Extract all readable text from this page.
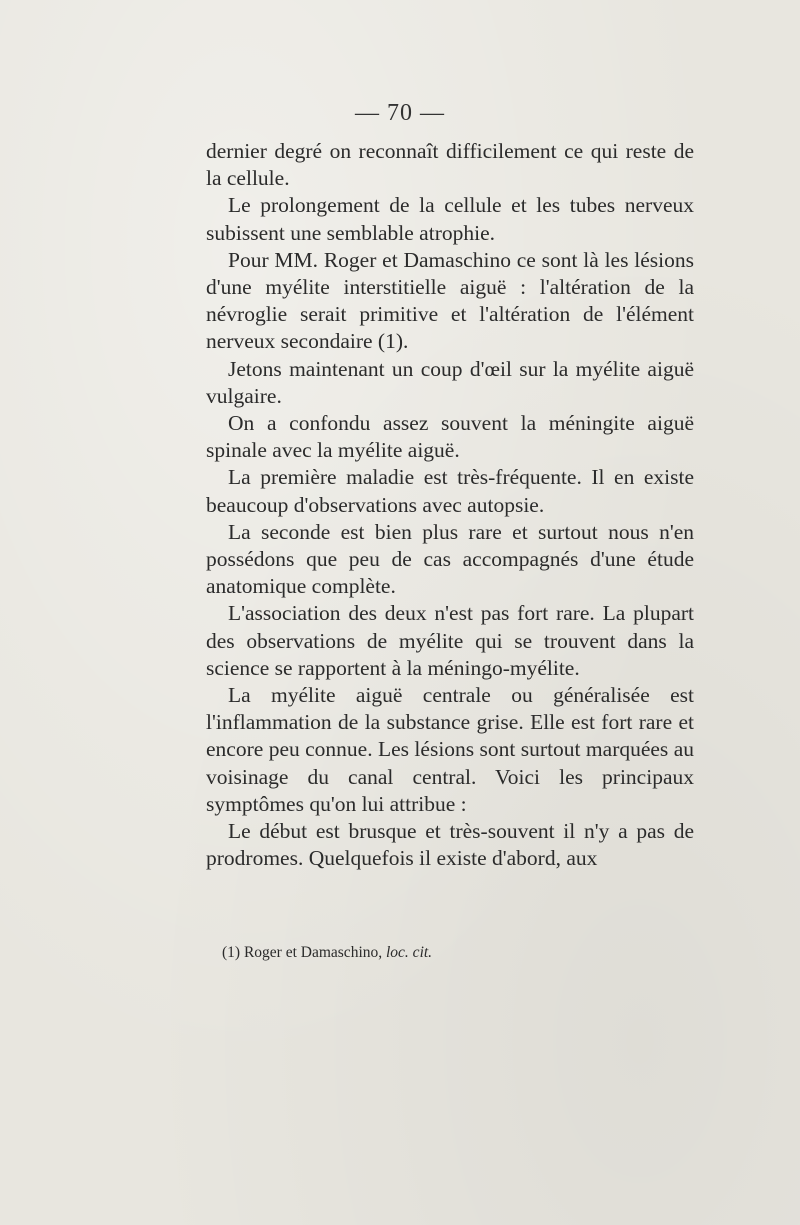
— 70 —

dernier degré on reconnaît difficilement ce qui reste de la cellule.

Le prolongement de la cellule et les tubes nerveux subissent une semblable atrophie.

Pour MM. Roger et Damaschino ce sont là les lésions d'une myélite interstitielle aiguë : l'altération de la névroglie serait primitive et l'altération de l'élément nerveux secondaire (1).

Jetons maintenant un coup d'œil sur la myélite aiguë vulgaire.

On a confondu assez souvent la méningite aiguë spinale avec la myélite aiguë.

La première maladie est très-fréquente. Il en existe beaucoup d'observations avec autopsie.

La seconde est bien plus rare et surtout nous n'en possédons que peu de cas accompagnés d'une étude anatomique complète.

L'association des deux n'est pas fort rare. La plupart des observations de myélite qui se trouvent dans la science se rapportent à la méningo-myélite.

La myélite aiguë centrale ou généralisée est l'inflammation de la substance grise. Elle est fort rare et encore peu connue. Les lésions sont surtout marquées au voisinage du canal central. Voici les principaux symptômes qu'on lui attribue :

Le début est brusque et très-souvent il n'y a pas de prodromes. Quelquefois il existe d'abord, aux

(1) Roger et Damaschino, loc. cit.
